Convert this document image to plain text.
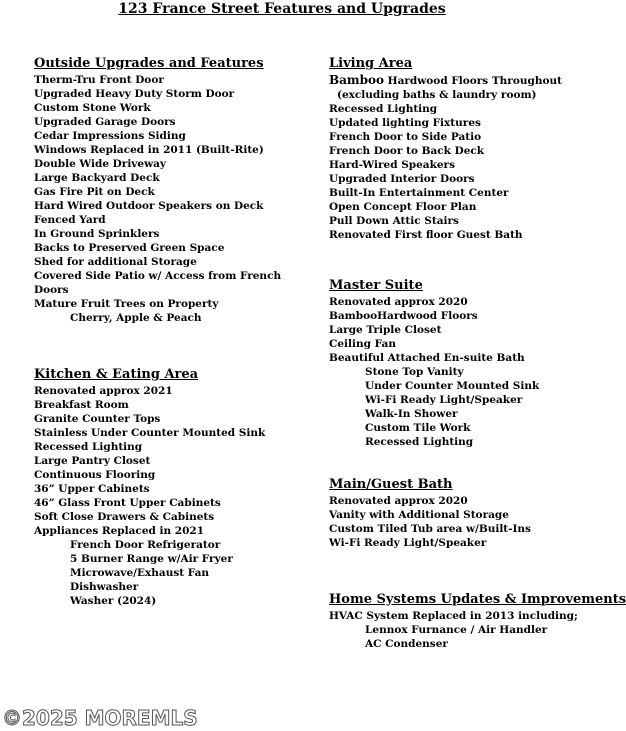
123 France Street Features and Upgrades
Outside Upgrades and Features
Therm-Tru Front Door
Upgraded Heavy Duty Storm Door
Custom Stone Work
Upgraded Garage Doors
Cedar Impressions Siding
Windows Replaced in 2011 (Built-Rite)
Double Wide Driveway
Large Backyard Deck
Gas Fire Pit on Deck
Hard Wired Outdoor Speakers on Deck
Fenced Yard
In Ground Sprinklers
Backs to Preserved Green Space
Shed for additional Storage
Covered Side Patio w/ Access from French
Doors
Mature Fruit Trees on Property
Cherry, Apple & Peach
Kitchen & Eating Area
Renovated approx 2021
Breakfast Room
Granite Counter Tops
Stainless Under Counter Mounted Sink
Recessed Lighting
Large Pantry Closet
Continuous Flooring
36” Upper Cabinets
46” Glass Front Upper Cabinets
Soft Close Drawers & Cabinets
Appliances Replaced in 2021
French Door Refrigerator
5 Burner Range w/Air Fryer
Microwave/Exhaust Fan
Dishwasher
Washer (2024)
Living Area
Bamboo Hardwood Floors Throughout
(excluding baths & laundry room)
Recessed Lighting
Updated lighting Fixtures
French Door to Side Patio
French Door to Back Deck
Hard-Wired Speakers
Upgraded Interior Doors
Built-In Entertainment Center
Open Concept Floor Plan
Pull Down Attic Stairs
Renovated First floor Guest Bath
Master Suite
Renovated approx 2020
BambooHardwood Floors
Large Triple Closet
Ceiling Fan
Beautiful Attached En-suite Bath
Stone Top Vanity
Under Counter Mounted Sink
Wi-Fi Ready Light/Speaker
Walk-In Shower
Custom Tile Work
Recessed Lighting
Main/Guest Bath
Renovated approx 2020
Vanity with Additional Storage
Custom Tiled Tub area w/Built-Ins
Wi-Fi Ready Light/Speaker
Home Systems Updates & Improvements
HVAC System Replaced in 2013 including;
Lennox Furnance / Air Handler
AC Condenser
©2025 MOREMLS
